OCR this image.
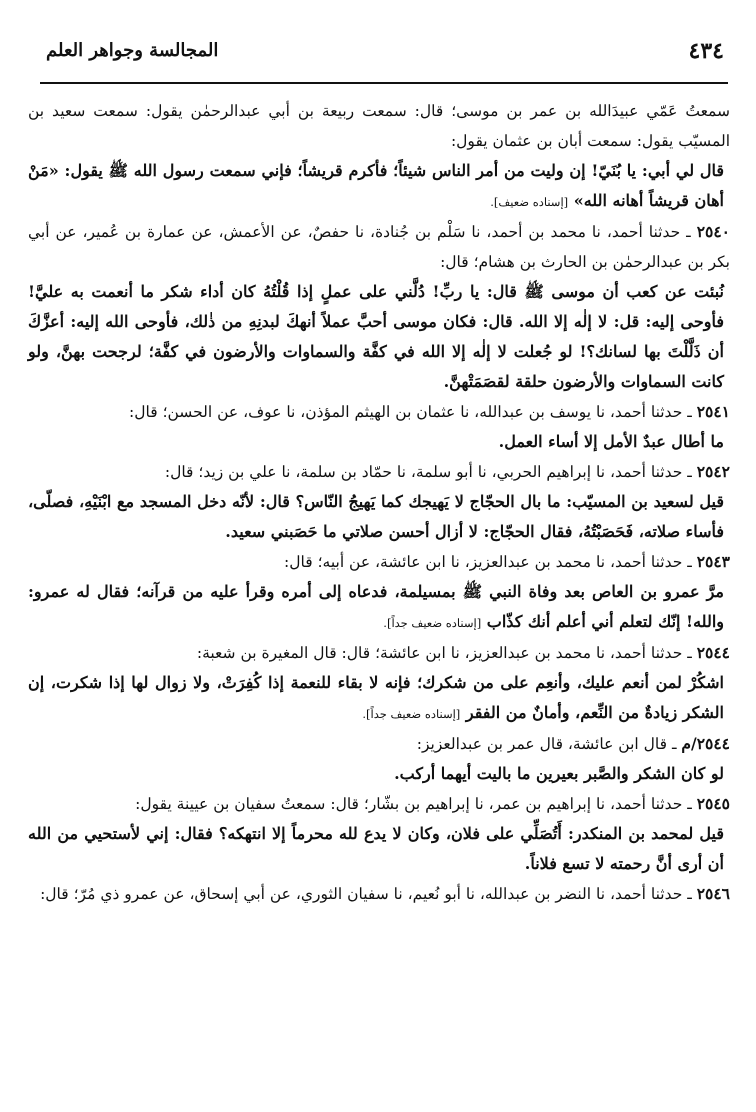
٤٣٤
المجالسة وجواهر العلم

سمعتُ عَمّي عبيدَالله بن عمر بن موسى؛ قال: سمعت ربيعة بن أبي عبدالرحمٰن يقول: سمعت سعيد بن المسيّب يقول: سمعت أبان بن عثمان يقول:

قال لي أبي: يا بُنَيّ! إن وليت من أمر الناس شيئاً؛ فأكرم قريشاً؛ فإني سمعت رسول الله ﷺ يقول: «مَنْ أهان قريشاً أهانه الله» [إسناده ضعيف].

٢٥٤٠ ـ حدثنا أحمد، نا محمد بن أحمد، نا سَلْم بن جُنادة، نا حفصٌ، عن الأعمش، عن عمارة بن عُمير، عن أبي بكر بن عبدالرحمٰن بن الحارث بن هشام؛ قال:

نُبئت عن كعب أن موسى ﷺ قال: يا ربِّ! دُلَّني على عملٍ إذا قُلْتُهُ كان أداء شكر ما أنعمت به عليَّ! فأوحى إليه: قل: لا إلٰه إلا الله. قال: فكان موسى أحبَّ عملاً أنهكَ لبدنِهِ من ذٰلك، فأوحى الله إليه: أعزَّكَ أن ذَلَّلْتَ بها لسانك؟! لو جُعلت لا إلٰه إلا الله في كفَّة والسماوات والأرضون في كفَّة؛ لرجحت بهنَّ، ولو كانت السماوات والأرضون حلقة لقصَمَتْهنَّ.

٢٥٤١ ـ حدثنا أحمد، نا يوسف بن عبدالله، نا عثمان بن الهيثم المؤذن، نا عوف، عن الحسن؛ قال:

ما أطال عبدٌ الأمل إلا أساء العمل.

٢٥٤٢ ـ حدثنا أحمد، نا إبراهيم الحربي، نا أبو سلمة، نا حمّاد بن سلمة، نا علي بن زيد؛ قال:

قيل لسعيد بن المسيّب: ما بال الحجّاج لا يَهيجك كما يَهيجُ النّاس؟ قال: لأنّه دخل المسجد مع ابْنَيْهِ، فصلّى، فأساء صلاته، فَحَصَبْتُهُ، فقال الحجّاج: لا أزال أحسن صلاتي ما حَصَبني سعيد.

٢٥٤٣ ـ حدثنا أحمد، نا محمد بن عبدالعزيز، نا ابن عائشة، عن أبيه؛ قال:

مرَّ عمرو بن العاص بعد وفاة النبي ﷺ بمسيلمة، فدعاه إلى أمره وقرأ عليه من قرآنه؛ فقال له عمرو: والله! إنّك لتعلم أني أعلم أنك كذّاب [إسناده ضعيف جداً].

٢٥٤٤ ـ حدثنا أحمد، نا محمد بن عبدالعزيز، نا ابن عائشة؛ قال: قال المغيرة بن شعبة:

اشكُرْ لمن أنعم عليك، وأنعِم على من شكرك؛ فإنه لا بقاء للنعمة إذا كُفِرَتْ، ولا زوال لها إذا شكرت، إن الشكر زيادةٌ من النِّعم، وأمانٌ من الفقر [إسناده ضعيف جداً].

٢٥٤٤/م ـ قال ابن عائشة، قال عمر بن عبدالعزيز:

لو كان الشكر والصَّبر بعيرين ما باليت أيهما أركب.

٢٥٤٥ ـ حدثنا أحمد، نا إبراهيم بن عمر، نا إبراهيم بن بشّار؛ قال: سمعتُ سفيان بن عيينة يقول:

قيل لمحمد بن المنكدر: أَتُصَلِّي على فلان، وكان لا يدع لله محرماً إلا انتهكه؟ فقال: إني لأستحيي من الله أن أرى أنَّ رحمته لا تسع فلاناً.

٢٥٤٦ ـ حدثنا أحمد، نا النضر بن عبدالله، نا أبو نُعيم، نا سفيان الثوري، عن أبي إسحاق، عن عمرو ذي مُرّ؛ قال:
